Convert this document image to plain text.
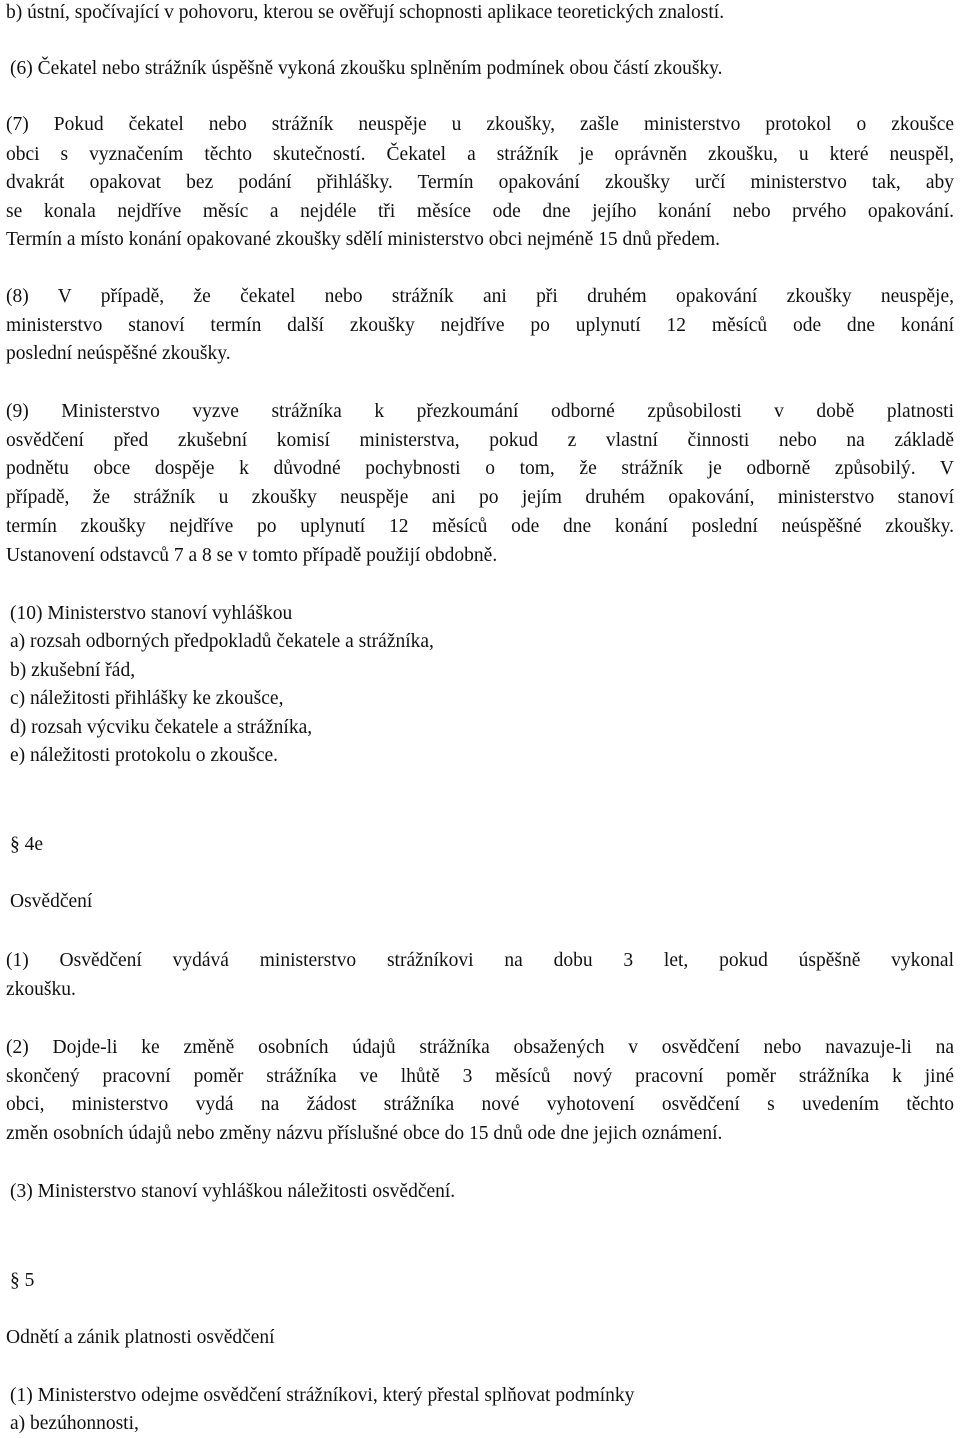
b) ústní, spočívající v pohovoru, kterou se ověřují schopnosti aplikace teoretických znalostí.
(6) Čekatel nebo strážník úspěšně vykoná zkoušku splněním podmínek obou částí zkoušky.
(7) Pokud čekatel nebo strážník neuspěje u zkoušky, zašle ministerstvo protokol o zkoušce
obci s vyznačením těchto skutečností. Čekatel a strážník je oprávněn zkoušku, u které neuspěl,
dvakrát opakovat bez podání přihlášky. Termín opakování zkoušky určí ministerstvo tak, aby
se konala nejdříve měsíc a nejdéle tři měsíce ode dne jejího konání nebo prvého opakování.
Termín a místo konání opakované zkoušky sdělí ministerstvo obci nejméně 15 dnů předem.
(8) V případě, že čekatel nebo strážník ani při druhém opakování zkoušky neuspěje,
ministerstvo stanoví termín další zkoušky nejdříve po uplynutí 12 měsíců ode dne konání
poslední neúspěšné zkoušky.
(9) Ministerstvo vyzve strážníka k přezkoumání odborné způsobilosti v době platnosti
osvědčení před zkušební komisí ministerstva, pokud z vlastní činnosti nebo na základě
podnětu obce dospěje k důvodné pochybnosti o tom, že strážník je odborně způsobilý. V
případě, že strážník u zkoušky neuspěje ani po jejím druhém opakování, ministerstvo stanoví
termín zkoušky nejdříve po uplynutí 12 měsíců ode dne konání poslední neúspěšné zkoušky.
Ustanovení odstavců 7 a 8 se v tomto případě použijí obdobně.
(10) Ministerstvo stanoví vyhláškou
a) rozsah odborných předpokladů čekatele a strážníka,
b) zkušební řád,
c) náležitosti přihlášky ke zkoušce,
d) rozsah výcviku čekatele a strážníka,
e) náležitosti protokolu o zkoušce.
§ 4e
Osvědčení
(1) Osvědčení vydává ministerstvo strážníkovi na dobu 3 let, pokud úspěšně vykonal
zkoušku.
(2) Dojde-li ke změně osobních údajů strážníka obsažených v osvědčení nebo navazuje-li na
skončený pracovní poměr strážníka ve lhůtě 3 měsíců nový pracovní poměr strážníka k jiné
obci, ministerstvo vydá na žádost strážníka nové vyhotovení osvědčení s uvedením těchto
změn osobních údajů nebo změny názvu příslušné obce do 15 dnů ode dne jejich oznámení.
(3) Ministerstvo stanoví vyhláškou náležitosti osvědčení.
§ 5
Odnětí a zánik platnosti osvědčení
(1) Ministerstvo odejme osvědčení strážníkovi, který přestal splňovat podmínky
a) bezúhonnosti,
